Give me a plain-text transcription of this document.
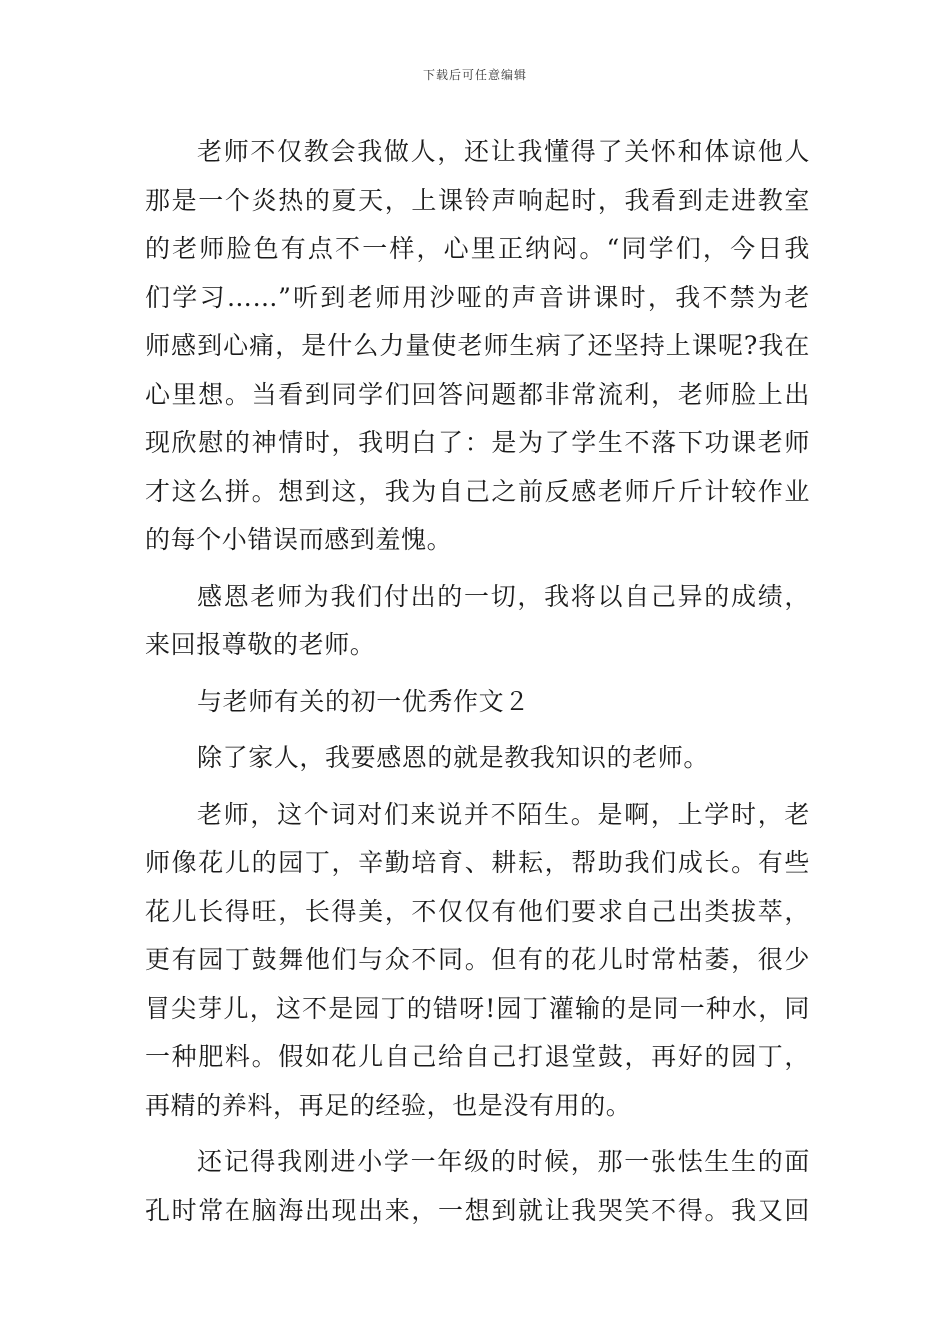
下载后可任意编辑
老师不仅教会我做人，还让我懂得了关怀和体谅他人
那是一个炎热的夏天，上课铃声响起时，我看到走进教室
的老师脸色有点不一样，心里正纳闷。“同学们，今日我
们学习……”听到老师用沙哑的声音讲课时，我不禁为老
师感到心痛，是什么力量使老师生病了还坚持上课呢?我在
心里想。当看到同学们回答问题都非常流利，老师脸上出
现欣慰的神情时，我明白了：是为了学生不落下功课老师
才这么拼。想到这，我为自己之前反感老师斤斤计较作业
的每个小错误而感到羞愧。
感恩老师为我们付出的一切，我将以自己异的成绩，
来回报尊敬的老师。
与老师有关的初一优秀作文２
除了家人，我要感恩的就是教我知识的老师。
老师，这个词对们来说并不陌生。是啊，上学时，老
师像花儿的园丁，辛勤培育、耕耘，帮助我们成长。有些
花儿长得旺，长得美，不仅仅有他们要求自己出类拔萃，
更有园丁鼓舞他们与众不同。但有的花儿时常枯萎，很少
冒尖芽儿，这不是园丁的错呀!园丁灌输的是同一种水，同
一种肥料。假如花儿自己给自己打退堂鼓，再好的园丁，
再精的养料，再足的经验，也是没有用的。
还记得我刚进小学一年级的时候，那一张怯生生的面
孔时常在脑海出现出来，一想到就让我哭笑不得。我又回
